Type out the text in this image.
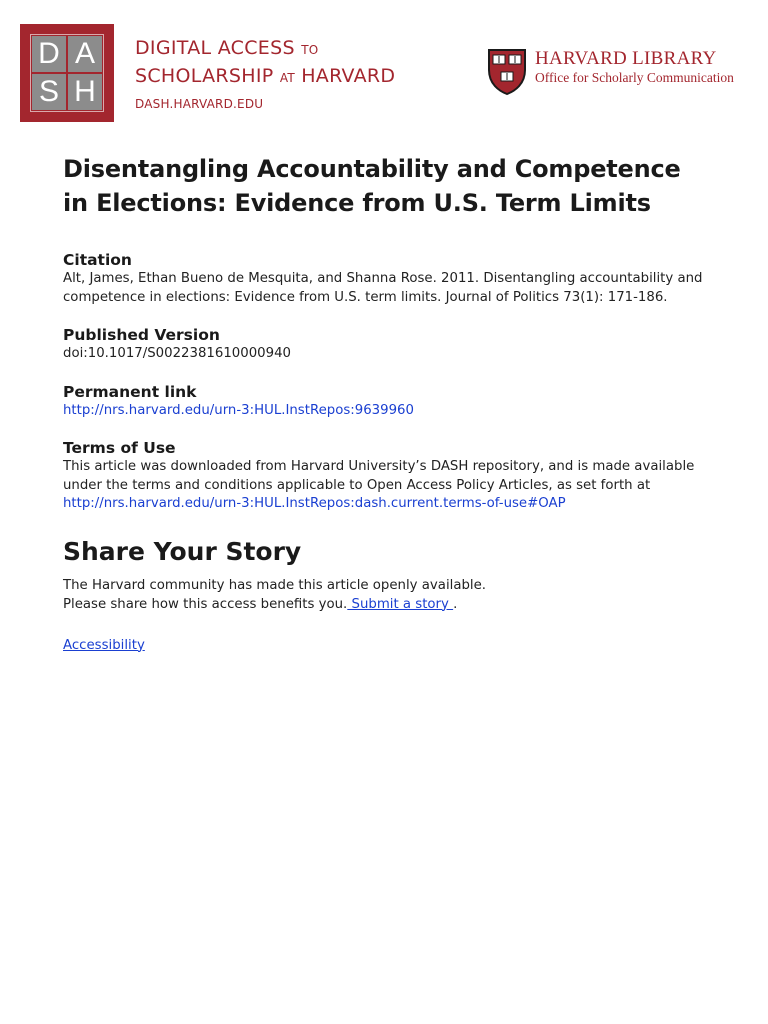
D A
S H
DIGITAL ACCESS TO
SCHOLARSHIP AT HARVARD
DASH.HARVARD.EDU
HARVARD LIBRARY
Office for Scholarly Communication
Disentangling Accountability and Competence in Elections: Evidence from U.S. Term Limits
Citation
Alt, James, Ethan Bueno de Mesquita, and Shanna Rose. 2011. Disentangling accountability and competence in elections: Evidence from U.S. term limits. Journal of Politics 73(1): 171-186.
Published Version
doi:10.1017/S0022381610000940
Permanent link
http://nrs.harvard.edu/urn-3:HUL.InstRepos:9639960
Terms of Use
This article was downloaded from Harvard University’s DASH repository, and is made available under the terms and conditions applicable to Open Access Policy Articles, as set forth at http://nrs.harvard.edu/urn-3:HUL.InstRepos:dash.current.terms-of-use#OAP
Share Your Story
The Harvard community has made this article openly available.
Please share how this access benefits you. Submit a story .
Accessibility
